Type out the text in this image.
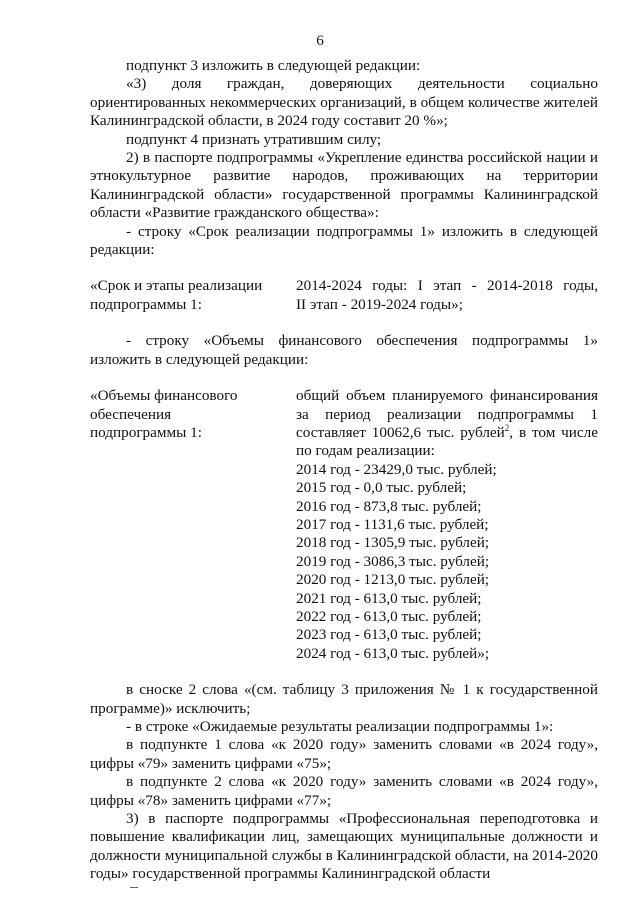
6

подпункт 3 изложить в следующей редакции:

«3) доля граждан, доверяющих деятельности социально ориентированных некоммерческих организаций, в общем количестве жителей Калининградской области, в 2024 году составит 20 %»;

подпункт 4 признать утратившим силу;

2) в паспорте подпрограммы «Укрепление единства российской нации и этнокультурное развитие народов, проживающих на территории Калининградской области» государственной программы Калининградской области «Развитие гражданского общества»:

- строку «Срок реализации подпрограммы 1» изложить в следующей редакции:

«Срок и этапы реализации

подпрограммы 1:

2014-2024 годы: I этап - 2014-2018 годы,

II этап - 2019-2024 годы»;

- строку «Объемы финансового обеспечения подпрограммы 1» изложить в следующей редакции:

«Объемы финансового

обеспечения

подпрограммы 1:

общий объем планируемого финансирования за период реализации подпрограммы 1 составляет 10062,6 тыс. рублей$^2$, в том числе по годам реализации:

2014 год - 23429,0 тыс. рублей;

2015 год - 0,0 тыс. рублей;

2016 год - 873,8 тыс. рублей;

2017 год - 1131,6 тыс. рублей;

2018 год - 1305,9 тыс. рублей;

2019 год - 3086,3 тыс. рублей;

2020 год - 1213,0 тыс. рублей;

2021 год - 613,0 тыс. рублей;

2022 год - 613,0 тыс. рублей;

2023 год - 613,0 тыс. рублей;

2024 год - 613,0 тыс. рублей»;

в сноске 2 слова «(см. таблицу 3 приложения № 1 к государственной программе)» исключить;

- в строке «Ожидаемые результаты реализации подпрограммы 1»:

в подпункте 1 слова «к 2020 году» заменить словами «в 2024 году», цифры «79» заменить цифрами «75»;

в подпункте 2 слова «к 2020 году» заменить словами «в 2024 году», цифры «78» заменить цифрами «77»;

3) в паспорте подпрограммы «Профессиональная переподготовка и повышение квалификации лиц, замещающих муниципальные должности и должности муниципальной службы в Калининградской области, на 2014-2020 годы» государственной программы Калининградской области
